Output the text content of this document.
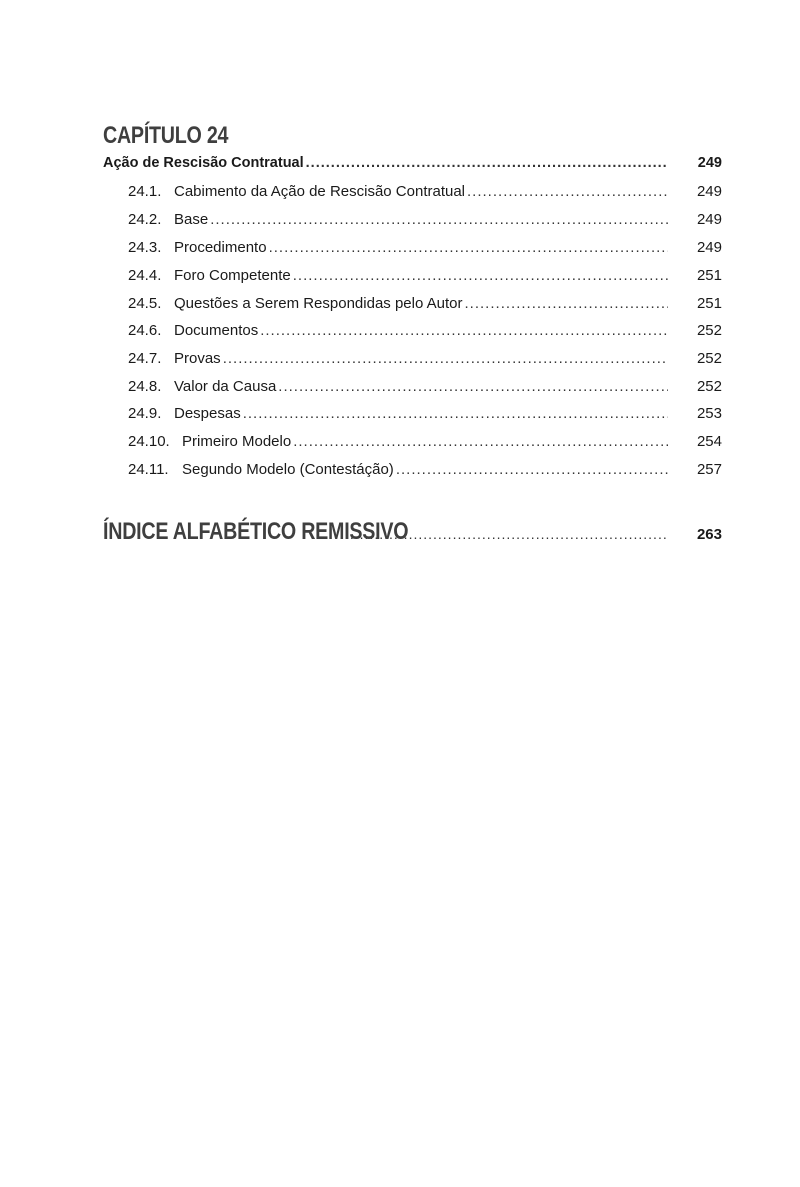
CAPÍTULO 24
Ação de Rescisão Contratual .....	249
24.1. Cabimento da Ação de Rescisão Contratual .....	249
24.2. Base .....	249
24.3. Procedimento .....	249
24.4. Foro Competente .....	251
24.5. Questões a Serem Respondidas pelo Autor .....	251
24.6. Documentos .....	252
24.7. Provas .....	252
24.8. Valor da Causa .....	252
24.9. Despesas .....	253
24.10. Primeiro Modelo .....	254
24.11. Segundo Modelo (Contestáção) .....	257
ÍNDICE ALFABÉTICO REMISSIVO .....	263
